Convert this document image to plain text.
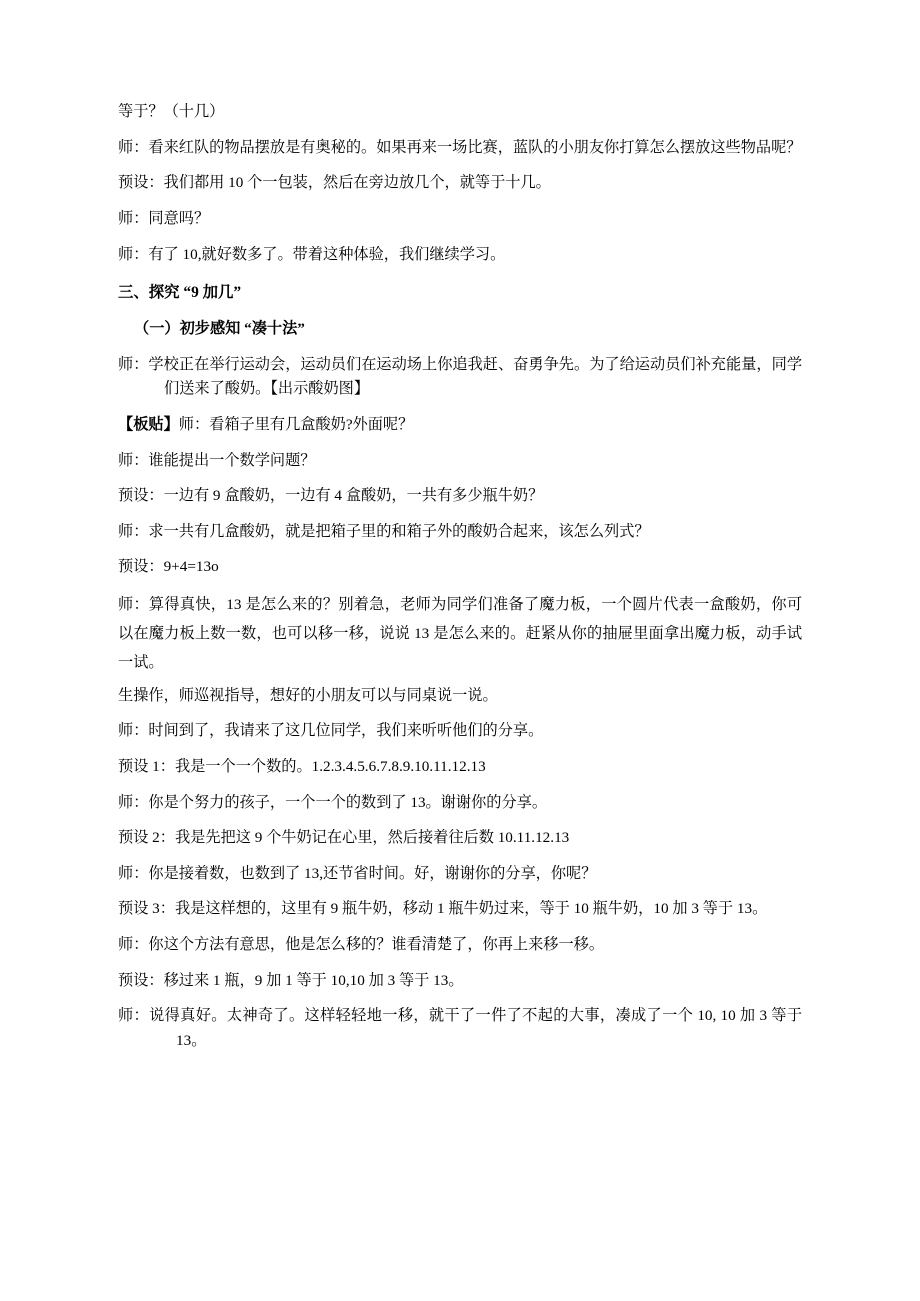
等于？（十几）

师：看来红队的物品摆放是有奥秘的。如果再来一场比赛，蓝队的小朋友你打算怎么摆放这些物品呢？

预设：我们都用 10 个一包装，然后在旁边放几个，就等于十几。

师：同意吗？

师：有了 10,就好数多了。带着这种体验，我们继续学习。

三、探究 “9 加几”

（一）初步感知 “凑十法”

师：学校正在举行运动会，运动员们在运动场上你追我赶、奋勇争先。为了给运动员们补充能量，同学们送来了酸奶。【出示酸奶图】

【板贴】师：看箱子里有几盒酸奶?外面呢？

师：谁能提出一个数学问题？

预设：一边有 9 盒酸奶，一边有 4 盒酸奶，一共有多少瓶牛奶？

师：求一共有几盒酸奶，就是把箱子里的和箱子外的酸奶合起来，该怎么列式？

预设：9+4=13o

师：算得真快，13 是怎么来的？别着急，老师为同学们准备了魔力板，一个圆片代表一盒酸奶，你可以在魔力板上数一数，也可以移一移，说说 13 是怎么来的。赶紧从你的抽屉里面拿出魔力板，动手试一试。

生操作，师巡视指导，想好的小朋友可以与同桌说一说。

师：时间到了，我请来了这几位同学，我们来听听他们的分享。

预设 1：我是一个一个数的。1.2.3.4.5.6.7.8.9.10.11.12.13

师：你是个努力的孩子，一个一个的数到了 13。谢谢你的分享。

预设 2：我是先把这 9 个牛奶记在心里，然后接着往后数 10.11.12.13

师：你是接着数，也数到了 13,还节省时间。好，谢谢你的分享，你呢？

预设 3：我是这样想的，这里有 9 瓶牛奶，移动 1 瓶牛奶过来，等于 10 瓶牛奶，10 加 3 等于 13。

师：你这个方法有意思，他是怎么移的？谁看清楚了，你再上来移一移。

预设：移过来 1 瓶，9 加 1 等于 10,10 加 3 等于 13。

师：说得真好。太神奇了。这样轻轻地一移，就干了一件了不起的大事，凑成了一个 10, 10 加 3 等于 13。
